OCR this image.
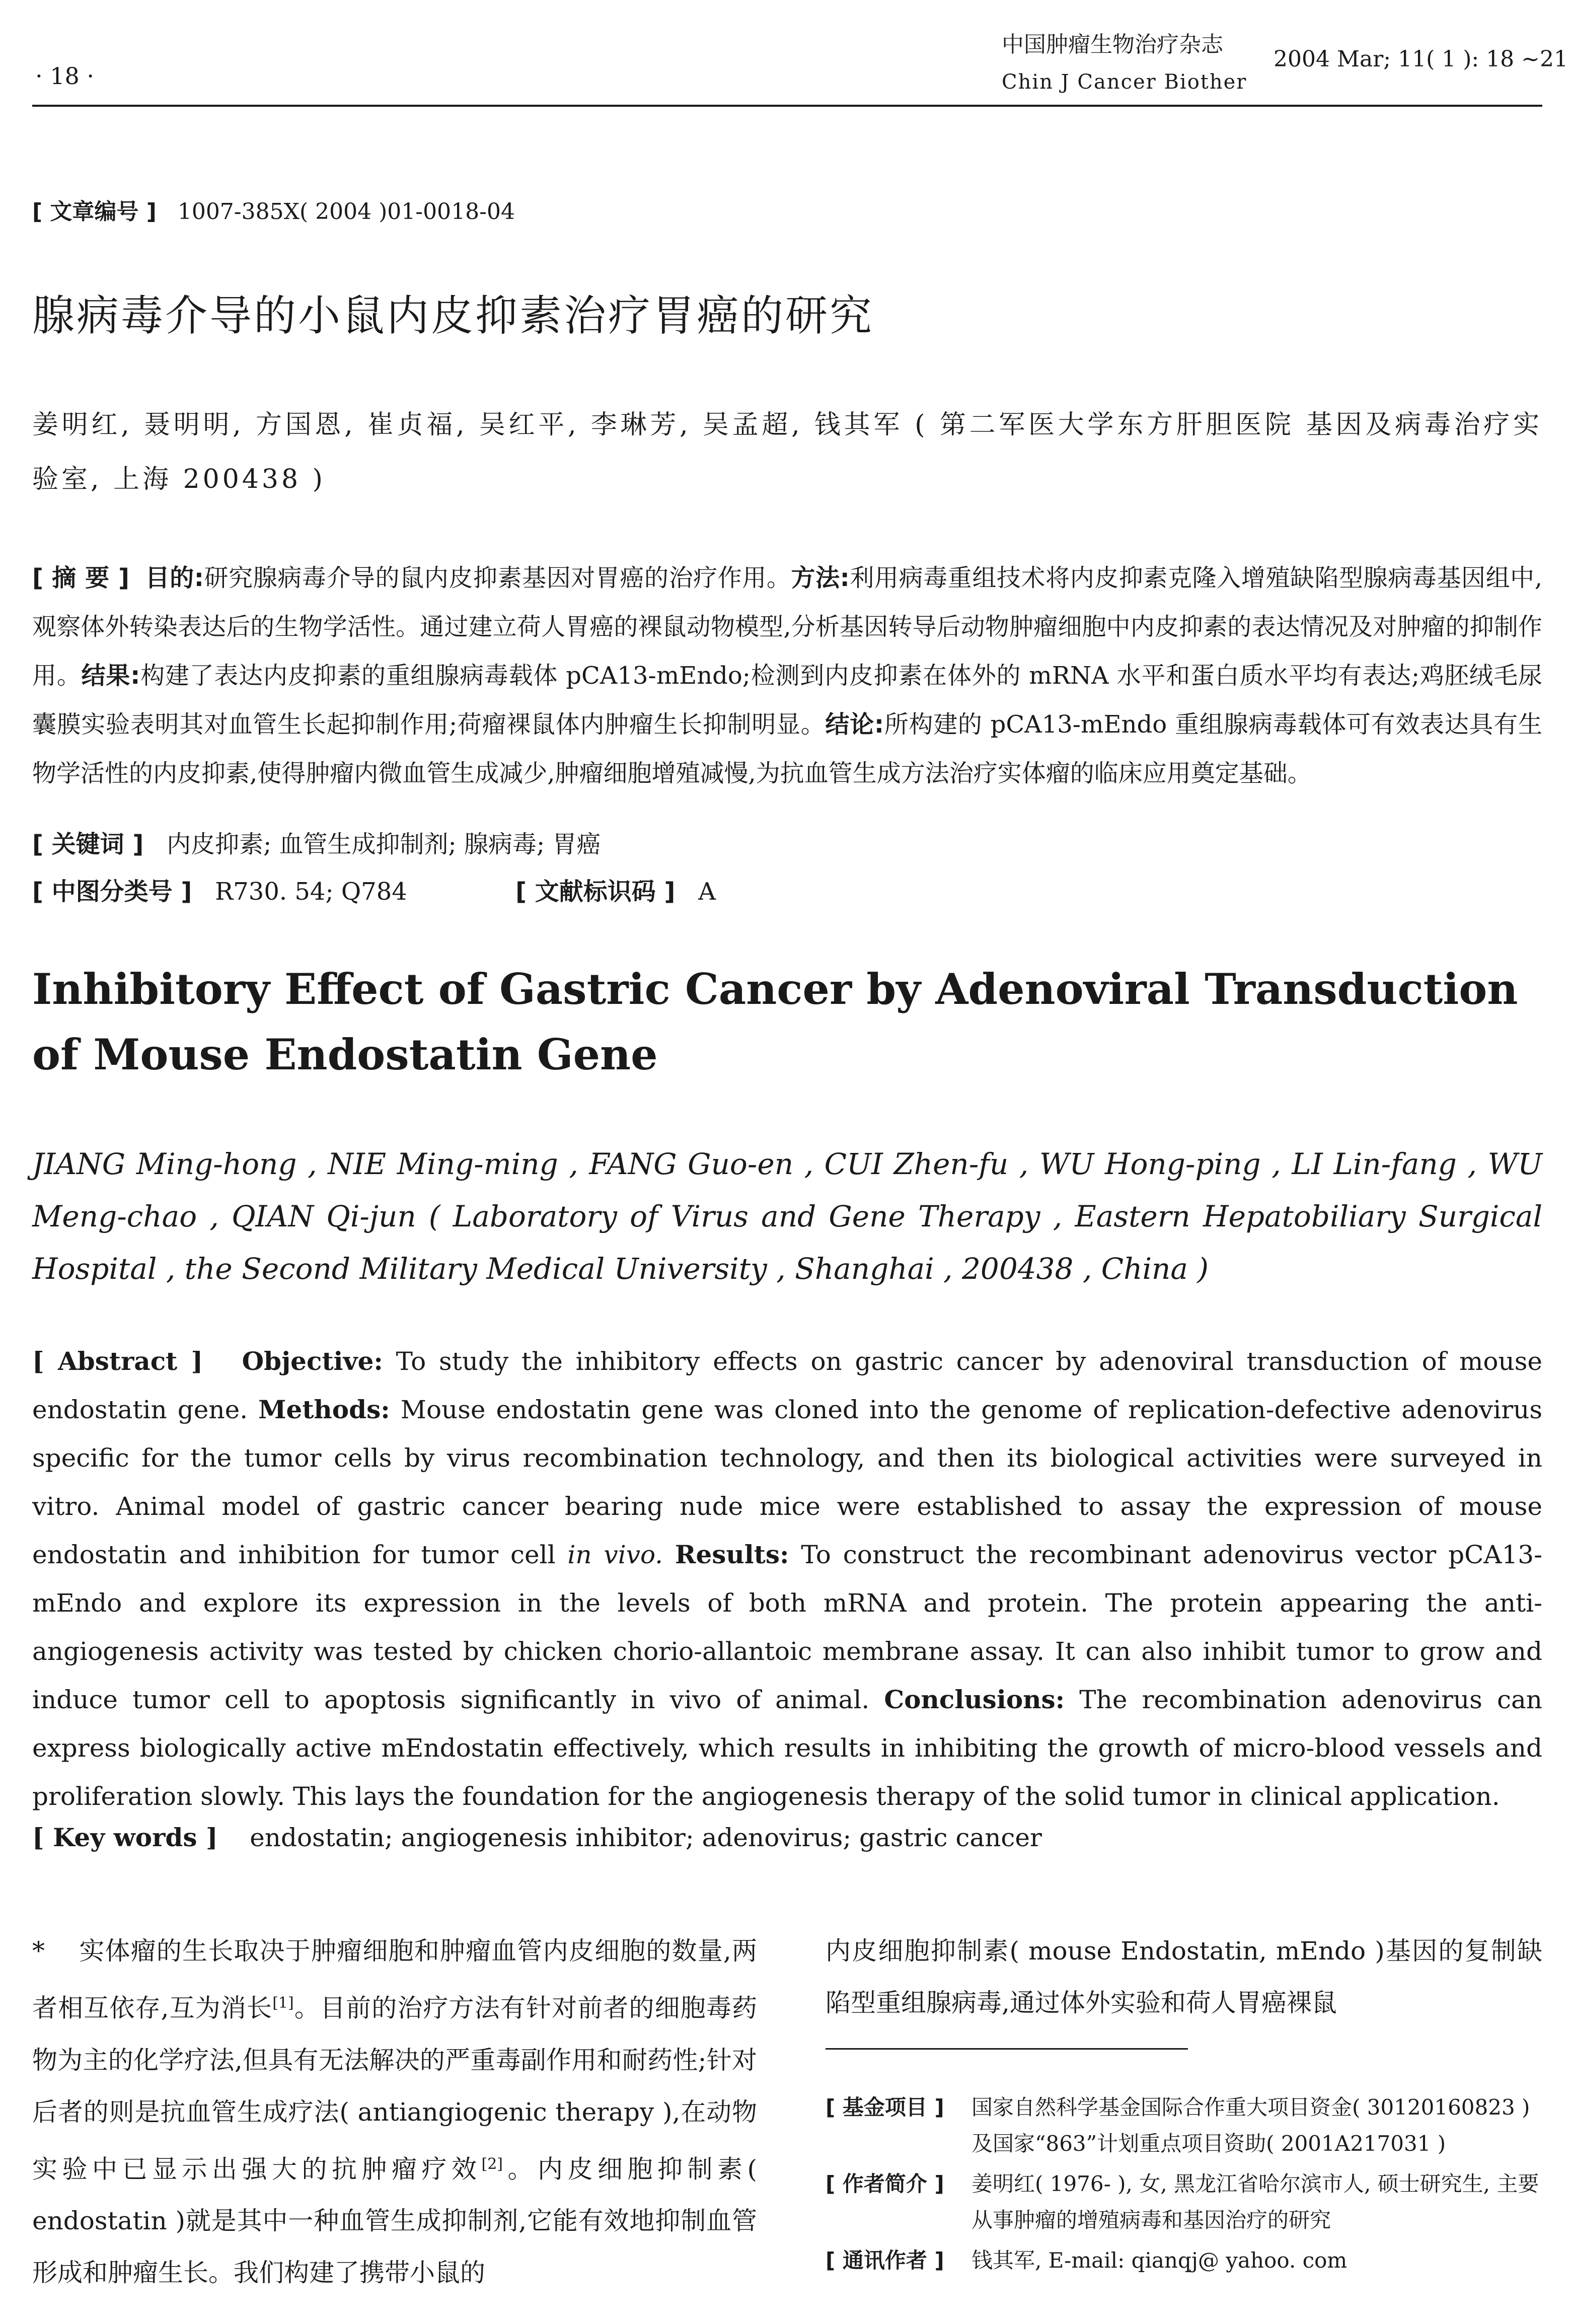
· 18 ·
中国肿瘤生物治疗杂志
Chin J Cancer Biother
2004 Mar; 11( 1 ): 18 ~21
[ 文章编号 ] 1007-385X( 2004 )01-0018-04
腺病毒介导的小鼠内皮抑素治疗胃癌的研究
姜明红, 聂明明, 方国恩, 崔贞福, 吴红平, 李琳芳, 吴孟超, 钱其军 ( 第二军医大学东方肝胆医院 基因及病毒治疗实验室, 上海 200438 )
[ 摘 要 ] 目的:研究腺病毒介导的鼠内皮抑素基因对胃癌的治疗作用。方法:利用病毒重组技术将内皮抑素克隆入增殖缺陷型腺病毒基因组中,观察体外转染表达后的生物学活性。通过建立荷人胃癌的裸鼠动物模型,分析基因转导后动物肿瘤细胞中内皮抑素的表达情况及对肿瘤的抑制作用。结果:构建了表达内皮抑素的重组腺病毒载体 pCA13-mEndo;检测到内皮抑素在体外的 mRNA 水平和蛋白质水平均有表达;鸡胚绒毛尿囊膜实验表明其对血管生长起抑制作用;荷瘤裸鼠体内肿瘤生长抑制明显。结论:所构建的 pCA13-mEndo 重组腺病毒载体可有效表达具有生物学活性的内皮抑素,使得肿瘤内微血管生成减少,肿瘤细胞增殖减慢,为抗血管生成方法治疗实体瘤的临床应用奠定基础。
[ 关键词 ] 内皮抑素; 血管生成抑制剂; 腺病毒; 胃癌
[ 中图分类号 ] R730. 54; Q784	[ 文献标识码 ] A
Inhibitory Effect of Gastric Cancer by Adenoviral Transduction of Mouse Endostatin Gene
JIANG Ming-hong , NIE Ming-ming , FANG Guo-en , CUI Zhen-fu , WU Hong-ping , LI Lin-fang , WU Meng-chao , QIAN Qi-jun ( Laboratory of Virus and Gene Therapy , Eastern Hepatobiliary Surgical Hospital , the Second Military Medical University , Shanghai , 200438 , China )
[ Abstract ] Objective: To study the inhibitory effects on gastric cancer by adenoviral transduction of mouse endostatin gene. Methods: Mouse endostatin gene was cloned into the genome of replication-defective adenovirus specific for the tumor cells by virus recombination technology, and then its biological activities were surveyed in vitro. Animal model of gastric cancer bearing nude mice were established to assay the expression of mouse endostatin and inhibition for tumor cell in vivo. Results: To construct the recombinant adenovirus vector pCA13-mEndo and explore its expression in the levels of both mRNA and protein. The protein appearing the anti-angiogenesis activity was tested by chicken chorio-allantoic membrane assay. It can also inhibit tumor to grow and induce tumor cell to apoptosis significantly in vivo of animal. Conclusions: The recombination adenovirus can express biologically active mEndostatin effectively, which results in inhibiting the growth of micro-blood vessels and proliferation slowly. This lays the foundation for the angiogenesis therapy of the solid tumor in clinical application.
[ Key words ] endostatin; angiogenesis inhibitor; adenovirus; gastric cancer
* 实体瘤的生长取决于肿瘤细胞和肿瘤血管内皮细胞的数量,两者相互依存,互为消长[1]。目前的治疗方法有针对前者的细胞毒药物为主的化学疗法,但具有无法解决的严重毒副作用和耐药性;针对后者的则是抗血管生成疗法( antiangiogenic therapy ),在动物实验中已显示出强大的抗肿瘤疗效[2]。内皮细胞抑制素( endostatin )就是其中一种血管生成抑制剂,它能有效地抑制血管形成和肿瘤生长。我们构建了携带小鼠的
内皮细胞抑制素( mouse Endostatin, mEndo )基因的复制缺陷型重组腺病毒,通过体外实验和荷人胃癌裸鼠
[ 基金项目 ]	国家自然科学基金国际合作重大项目资金( 30120160823 )及国家“863”计划重点项目资助( 2001A217031 )
[ 作者简介 ]	姜明红( 1976- ), 女, 黑龙江省哈尔滨市人, 硕士研究生, 主要从事肿瘤的增殖病毒和基因治疗的研究
[ 通讯作者 ]	钱其军, E-mail: qianqj@ yahoo. com
